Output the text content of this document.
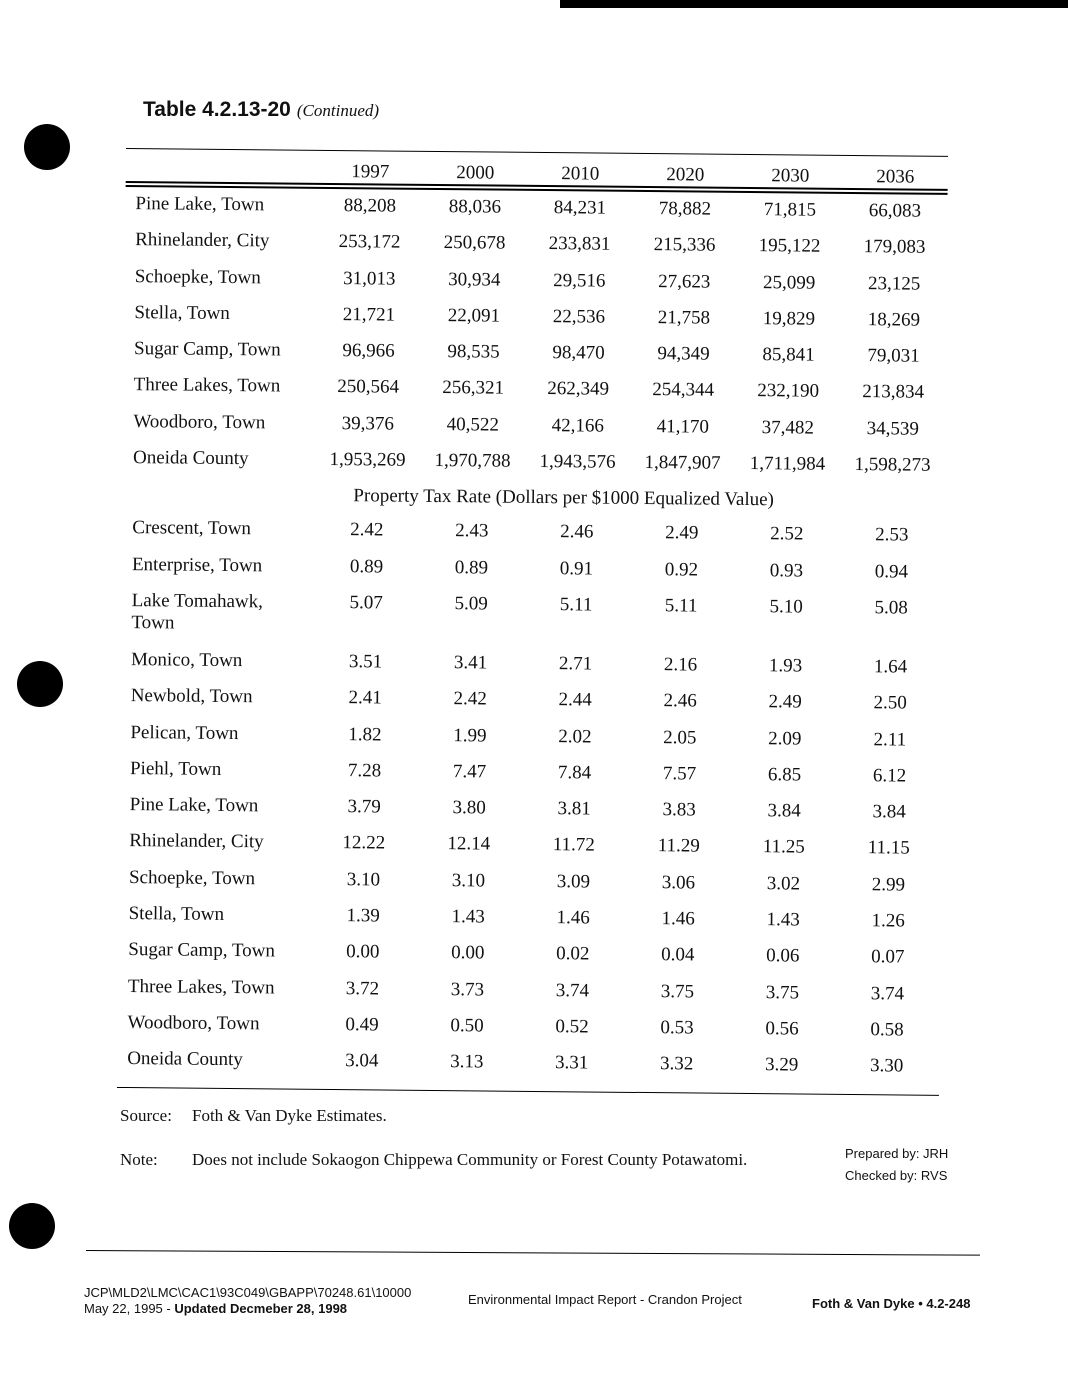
Table 4.2.13-20 (Continued)
1997	2000	2010	2020	2030	2036
Pine Lake, Town	88,208	88,036	84,231	78,882	71,815	66,083
Rhinelander, City	253,172	250,678	233,831	215,336	195,122	179,083
Schoepke, Town	31,013	30,934	29,516	27,623	25,099	23,125
Stella, Town	21,721	22,091	22,536	21,758	19,829	18,269
Sugar Camp, Town	96,966	98,535	98,470	94,349	85,841	79,031
Three Lakes, Town	250,564	256,321	262,349	254,344	232,190	213,834
Woodboro, Town	39,376	40,522	42,166	41,170	37,482	34,539
Oneida County	1,953,269	1,970,788	1,943,576	1,847,907	1,711,984	1,598,273
Property Tax Rate (Dollars per $1000 Equalized Value)
Crescent, Town	2.42	2.43	2.46	2.49	2.52	2.53
Enterprise, Town	0.89	0.89	0.91	0.92	0.93	0.94
Lake Tomahawk, Town
5.07	5.09	5.11	5.11	5.10	5.08
Monico, Town	3.51	3.41	2.71	2.16	1.93	1.64
Newbold, Town	2.41	2.42	2.44	2.46	2.49	2.50
Pelican, Town	1.82	1.99	2.02	2.05	2.09	2.11
Piehl, Town	7.28	7.47	7.84	7.57	6.85	6.12
Pine Lake, Town	3.79	3.80	3.81	3.83	3.84	3.84
Rhinelander, City	12.22	12.14	11.72	11.29	11.25	11.15
Schoepke, Town	3.10	3.10	3.09	3.06	3.02	2.99
Stella, Town	1.39	1.43	1.46	1.46	1.43	1.26
Sugar Camp, Town	0.00	0.00	0.02	0.04	0.06	0.07
Three Lakes, Town	3.72	3.73	3.74	3.75	3.75	3.74
Woodboro, Town	0.49	0.50	0.52	0.53	0.56	0.58
Oneida County	3.04	3.13	3.31	3.32	3.29	3.30
Source:	Foth & Van Dyke Estimates.
Note:	Does not include Sokaogon Chippewa Community or Forest County Potawatomi.	Prepared by: JRH
Checked by: RVS
JCP\MLD2\LMC\CAC1\93C049\GBAPP\70248.61\10000
May 22, 1995 - Updated Decmeber 28, 1998
Environmental Impact Report - Crandon Project	Foth & Van Dyke • 4.2-248
